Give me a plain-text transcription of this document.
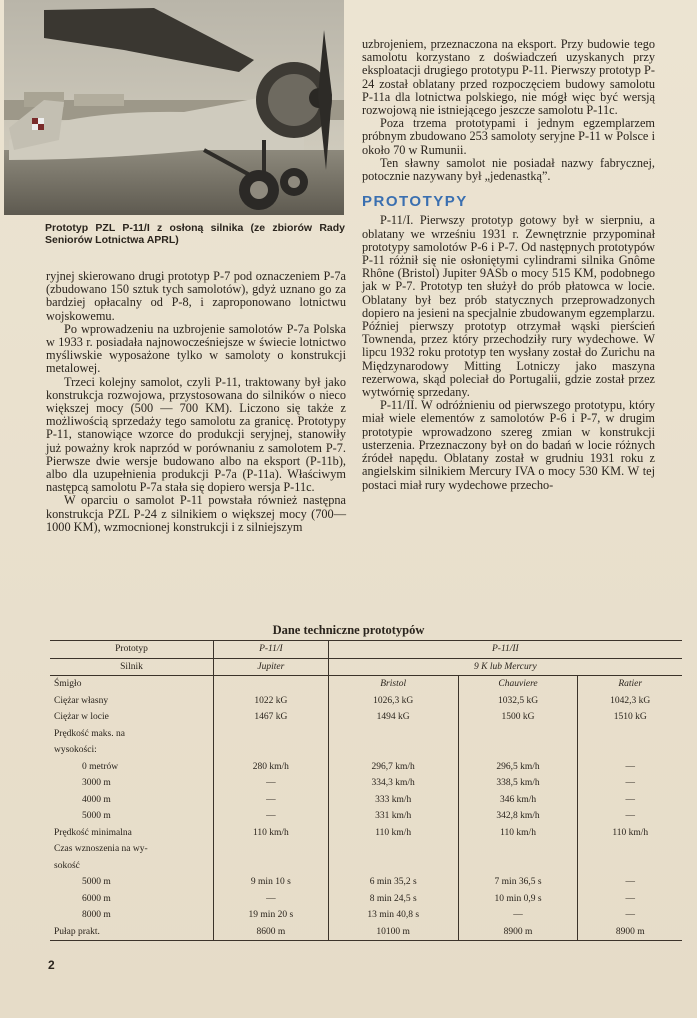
Prototyp PZL P-11/I z osłoną silnika (ze zbiorów Rady Seniorów Lotnictwa APRL)

ryjnej skierowano drugi prototyp P-7 pod oznaczeniem P-7a (zbudowano 150 sztuk tych samolotów), gdyż uznano go za bardziej opłacalny od P-8, i zaproponowano lotnictwu wojskowemu.

Po wprowadzeniu na uzbrojenie samolotów P-7a Polska w 1933 r. posiadała najnowocześniejsze w świecie lotnictwo myśliwskie wyposażone tylko w samoloty o konstrukcji metalowej.

Trzeci kolejny samolot, czyli P-11, traktowany był jako konstrukcja rozwojowa, przystosowana do silników o nieco większej mocy (500 — 700 KM). Liczono się także z możliwością sprzedaży tego samolotu za granicę. Prototypy P-11, stanowiące wzorce do produkcji seryjnej, stanowiły już poważny krok naprzód w porównaniu z samolotem P-7. Pierwsze dwie wersje budowano albo na eksport (P-11b), albo dla uzupełnienia produkcji P-7a (P-11a). Właściwym następcą samolotu P-7a stała się dopiero wersja P-11c.

W oparciu o samolot P-11 powstała również następna konstrukcja PZL P-24 z silnikiem o większej mocy (700—1000 KM), wzmocnionej konstrukcji i z silniejszym

uzbrojeniem, przeznaczona na eksport. Przy budowie tego samolotu korzystano z doświadczeń uzyskanych przy eksploatacji drugiego prototypu P-11. Pierwszy prototyp P-24 został oblatany przed rozpoczęciem budowy samolotu P-11a dla lotnictwa polskiego, nie mógł więc być wersją rozwojową nie istniejącego jeszcze samolotu P-11c.

Poza trzema prototypami i jednym egzemplarzem próbnym zbudowano 253 samoloty seryjne P-11 w Polsce i około 70 w Rumunii.

Ten sławny samolot nie posiadał nazwy fabrycznej, potocznie nazywany był „jedenastką”.

PROTOTYPY

P-11/I. Pierwszy prototyp gotowy był w sierpniu, a oblatany we wrześniu 1931 r. Zewnętrznie przypominał prototypy samolotów P-6 i P-7. Od następnych prototypów P-11 różnił się nie osłoniętymi cylindrami silnika Gnôme Rhône (Bristol) Jupiter 9ASb o mocy 515 KM, podobnego jak w P-7. Prototyp ten służył do prób płatowca w locie. Oblatany był bez prób statycznych przeprowadzonych dopiero na jesieni na specjalnie zbudowanym egzemplarzu. Później pierwszy prototyp otrzymał wąski pierścień Townenda, przez który przechodziły rury wydechowe. W lipcu 1932 roku prototyp ten wysłany został do Zurichu na Międzynarodowy Mitting Lotniczy jako maszyna rezerwowa, skąd poleciał do Portugalii, gdzie został przez wytwórnię sprzedany.

P-11/II. W odróżnieniu od pierwszego prototypu, który miał wiele elementów z samolotów P-6 i P-7, w drugim prototypie wprowadzono szereg zmian w konstrukcji usterzenia. Przeznaczony był on do badań w locie różnych źródeł napędu. Oblatany został w grudniu 1931 roku z angielskim silnikiem Mercury IVA o mocy 530 KM. W tej postaci miał rury wydechowe przecho-

Dane techniczne prototypów
Prototyp	P-11/I	P-11/II		
Silnik	Jupiter	9 K lub Mercury		
Śmigło		Bristol	Chauviere	Ratier
Ciężar własny	1022 kG	1026,3 kG	1032,5 kG	1042,3 kG
Ciężar w locie	1467 kG	1494 kG	1500 kG	1510 kG
Prędkość maks. na				
wysokości:				
0 metrów	280 km/h	296,7 km/h	296,5 km/h	—
3000 m	—	334,3 km/h	338,5 km/h	—
4000 m	—	333 km/h	346 km/h	—
5000 m	—	331 km/h	342,8 km/h	—
Prędkość minimalna	110 km/h	110 km/h	110 km/h	110 km/h
Czas wznoszenia na wy-				
sokość				
5000 m	9 min 10 s	6 min 35,2 s	7 min 36,5 s	—
6000 m	—	8 min 24,5 s	10 min 0,9 s	—
8000 m	19 min 20 s	13 min 40,8 s	—	—
Pułap prakt.	8600 m	10100 m	8900 m	8900 m
2
